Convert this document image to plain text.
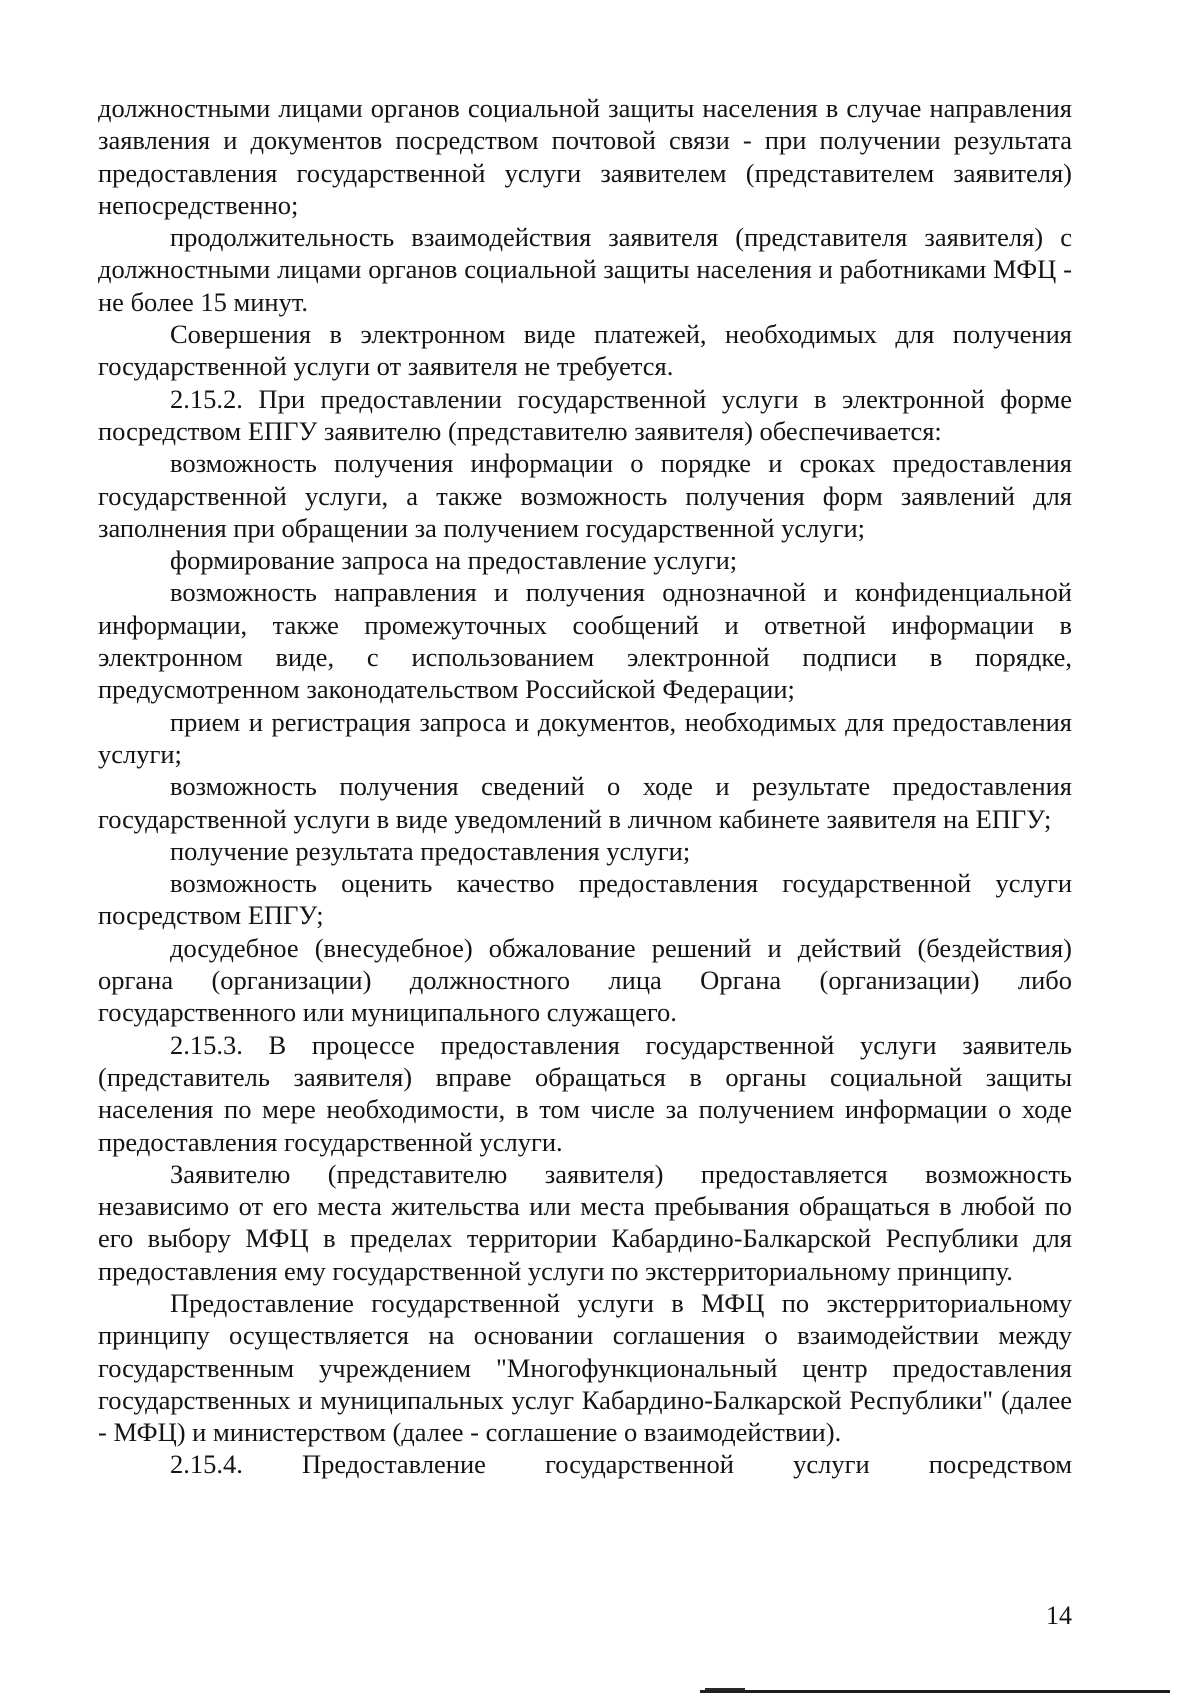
должностными лицами органов социальной защиты населения в случае направления заявления и документов посредством почтовой связи - при получении результата предоставления государственной услуги заявителем (представителем заявителя) непосредственно;

продолжительность взаимодействия заявителя (представителя заявителя) с должностными лицами органов социальной защиты населения и работниками МФЦ - не более 15 минут.

Совершения в электронном виде платежей, необходимых для получения государственной услуги от заявителя не требуется.

2.15.2. При предоставлении государственной услуги в электронной форме посредством ЕПГУ заявителю (представителю заявителя) обеспечивается:

возможность получения информации о порядке и сроках предоставления государственной услуги, а также возможность получения форм заявлений для заполнения при обращении за получением государственной услуги;

формирование запроса на предоставление услуги;

возможность направления и получения однозначной и конфиденциальной информации, также промежуточных сообщений и ответной информации в электронном виде, с использованием электронной подписи в порядке, предусмотренном законодательством Российской Федерации;

прием и регистрация запроса и документов, необходимых для предоставления услуги;

возможность получения сведений о ходе и результате предоставления государственной услуги в виде уведомлений в личном кабинете заявителя на ЕПГУ;

получение результата предоставления услуги;

возможность оценить качество предоставления государственной услуги посредством ЕПГУ;

досудебное (внесудебное) обжалование решений и действий (бездействия) органа (организации) должностного лица Органа (организации) либо государственного или муниципального служащего.

2.15.3. В процессе предоставления государственной услуги заявитель (представитель заявителя) вправе обращаться в органы социальной защиты населения по мере необходимости, в том числе за получением информации о ходе предоставления государственной услуги.

Заявителю (представителю заявителя) предоставляется возможность независимо от его места жительства или места пребывания обращаться в любой по его выбору МФЦ в пределах территории Кабардино-Балкарской Республики для предоставления ему государственной услуги по экстерриториальному принципу.

Предоставление государственной услуги в МФЦ по экстерриториальному принципу осуществляется на основании соглашения о взаимодействии между государственным учреждением "Многофункциональный центр предоставления государственных и муниципальных услуг Кабардино-Балкарской Республики" (далее - МФЦ) и министерством (далее - соглашение о взаимодействии).

2.15.4. Предоставление государственной услуги посредством

14
